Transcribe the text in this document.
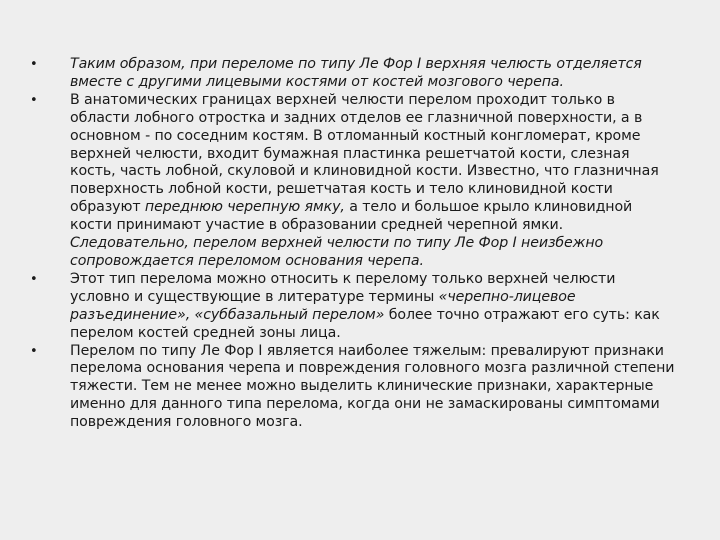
•	Таким образом, при переломе по типу Ле Фор I верхняя челюсть отделяется вместе с другими лицевыми костями от костей мозгового черепа.
•	В анатомических границах верхней челюсти перелом проходит только в области лобного отростка и задних отделов ее глазничной поверхности, а в основном - по соседним костям. В отломанный костный конгломерат, кроме верхней челюсти, входит бумажная пластинка решетчатой кости, слезная кость, часть лобной, скуловой и клиновидной кости. Известно, что глазничная поверхность лобной кости, решетчатая кость и тело клиновидной кости образуют переднюю черепную ямку, а тело и большое крыло клиновидной кости принимают участие в образовании средней черепной ямки. Следовательно, перелом верхней челюсти по типу Ле Фор I неизбежно сопровождается переломом основания черепа.
•	Этот тип перелома можно относить к перелому только верхней челюсти условно и существующие в литературе термины «черепно-лицевое разъединение», «суббазальный перелом» более точно отражают его суть: как перелом костей средней зоны лица.
•	Перелом по типу Ле Фор I является наиболее тяжелым: превалируют признаки перелома основания черепа и повреждения головного мозга различной степени тяжести. Тем не менее можно выделить клинические признаки, характерные именно для данного типа перелома, когда они не замаскированы симптомами повреждения головного мозга.
